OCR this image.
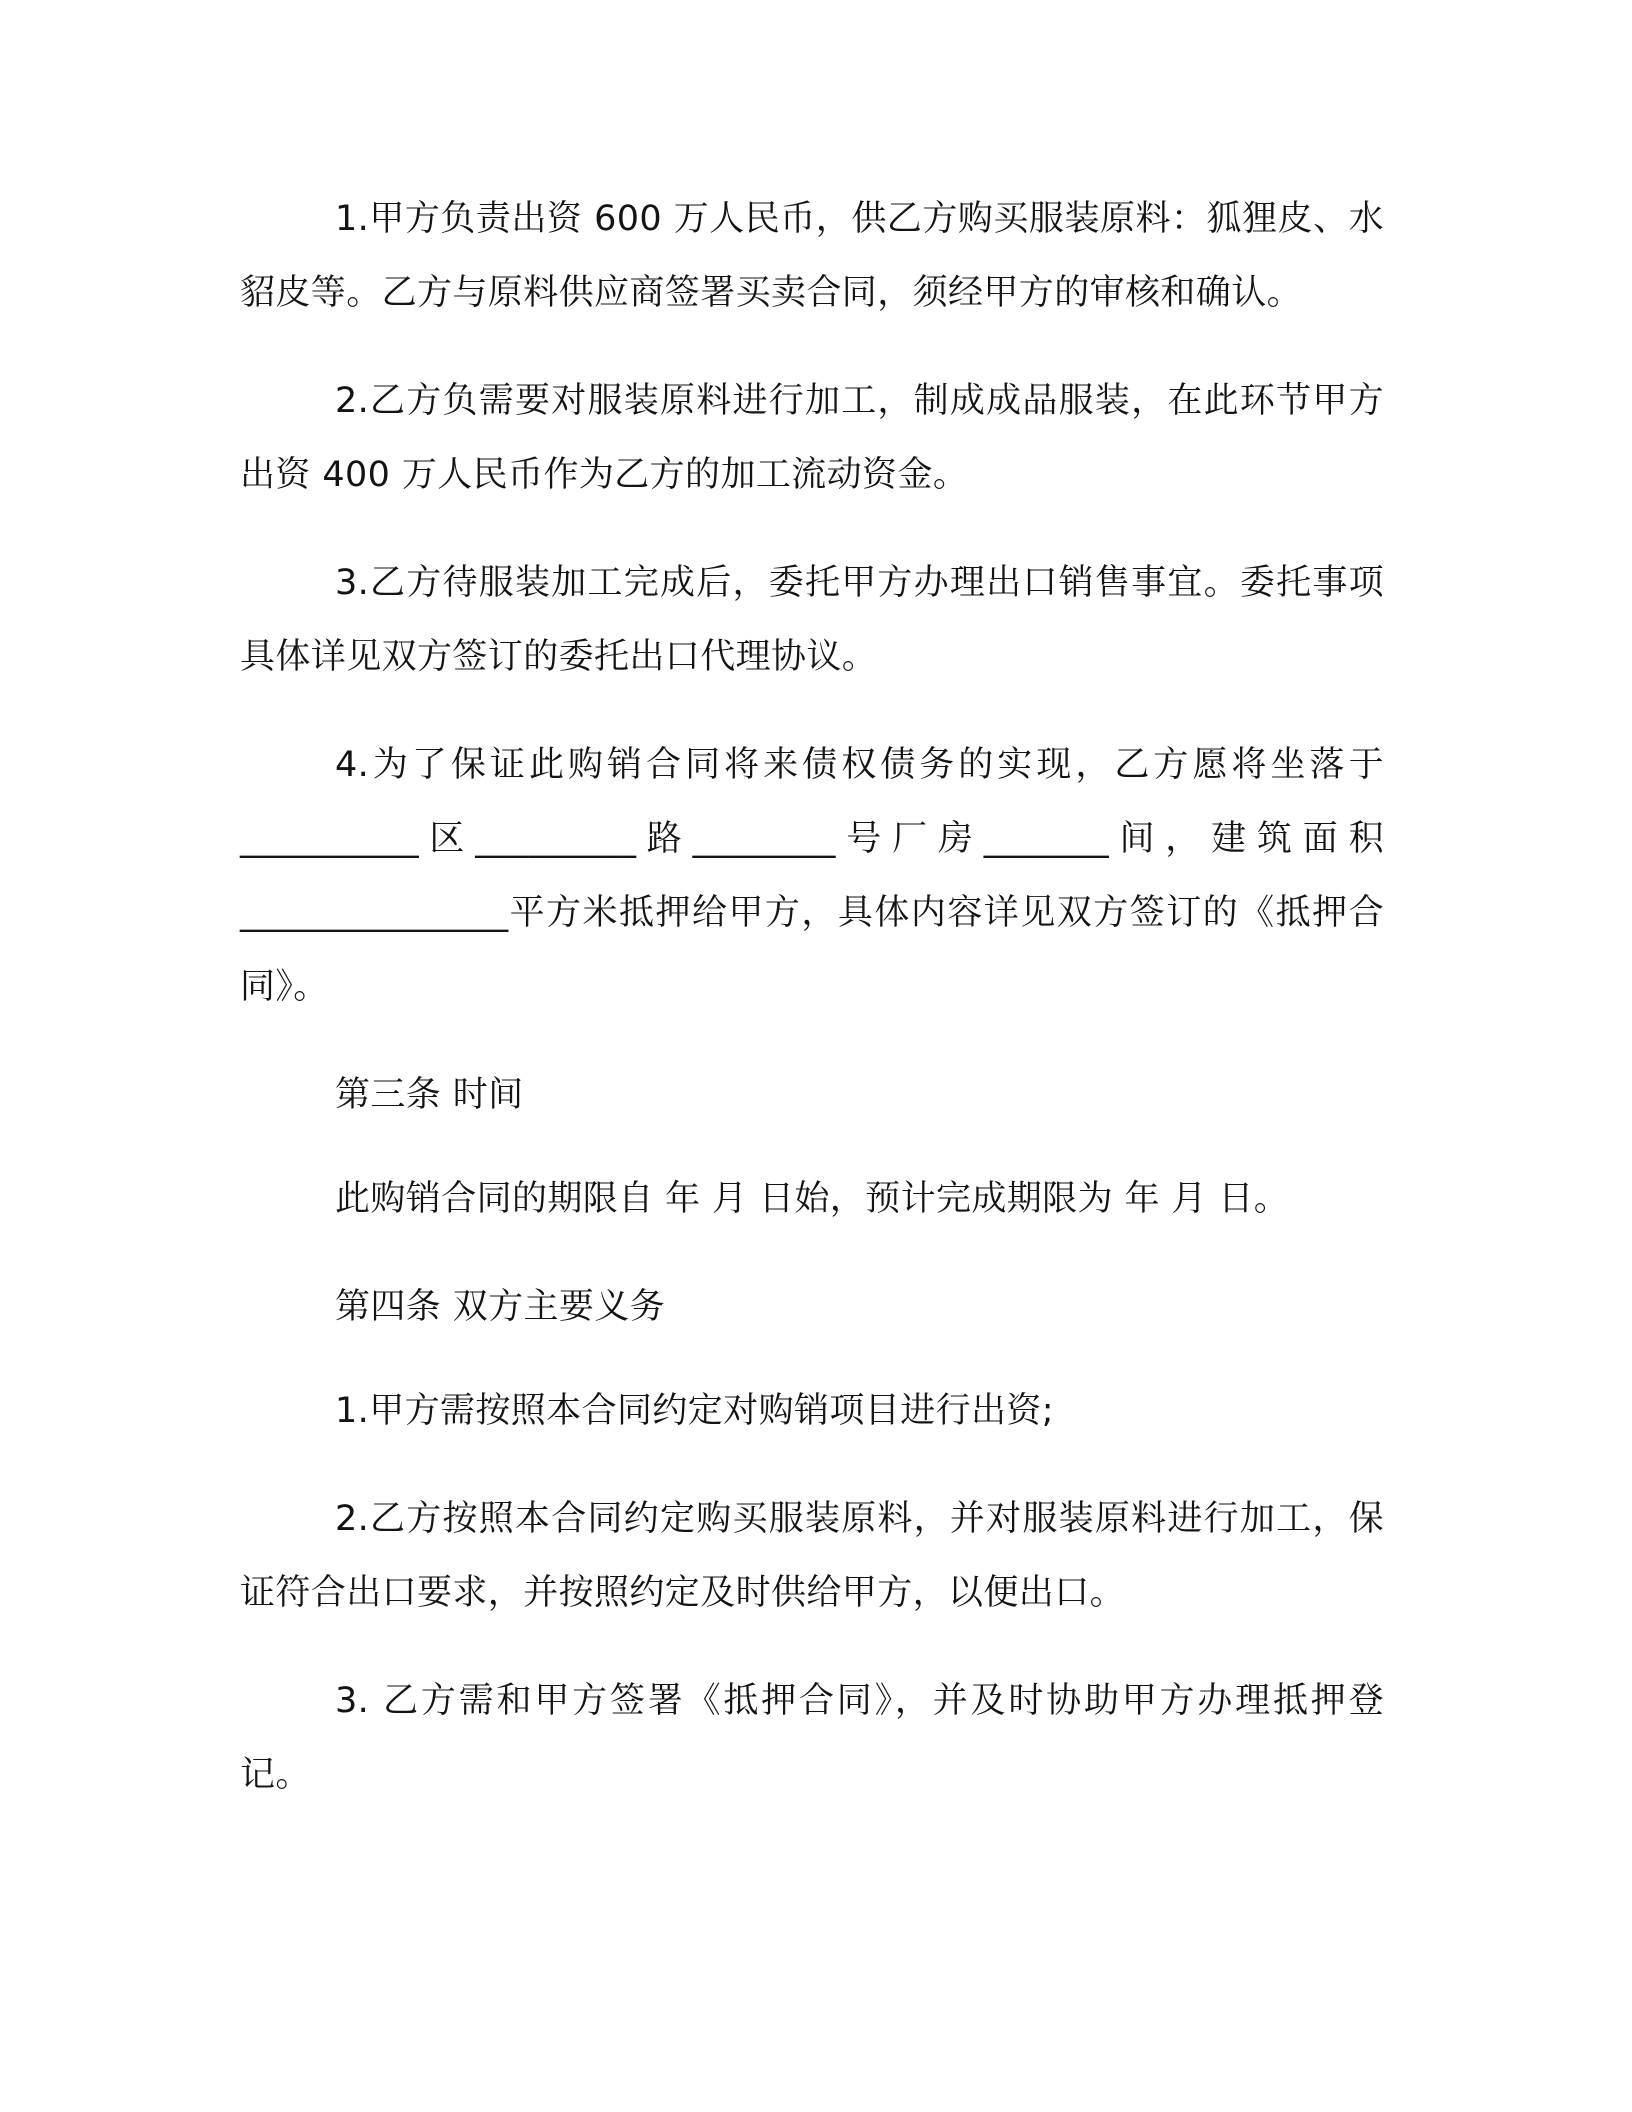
1.甲方负责出资 600 万人民币，供乙方购买服装原料：狐狸皮、水貂皮等。乙方与原料供应商签署买卖合同，须经甲方的审核和确认。

2.乙方负需要对服装原料进行加工，制成成品服装，在此环节甲方出资 400 万人民币作为乙方的加工流动资金。

3.乙方待服装加工完成后，委托甲方办理出口销售事宜。委托事项具体详见双方签订的委托出口代理协议。

4.为了保证此购销合同将来债权债务的实现，乙方愿将坐落于__________区_________路________号厂房_______间，建筑面积_______________平方米抵押给甲方，具体内容详见双方签订的《抵押合同》。

第三条 时间

此购销合同的期限自 年 月 日始，预计完成期限为 年 月 日。

第四条 双方主要义务

1.甲方需按照本合同约定对购销项目进行出资;

2.乙方按照本合同约定购买服装原料，并对服装原料进行加工，保证符合出口要求，并按照约定及时供给甲方，以便出口。

3. 乙方需和甲方签署《抵押合同》，并及时协助甲方办理抵押登记。
